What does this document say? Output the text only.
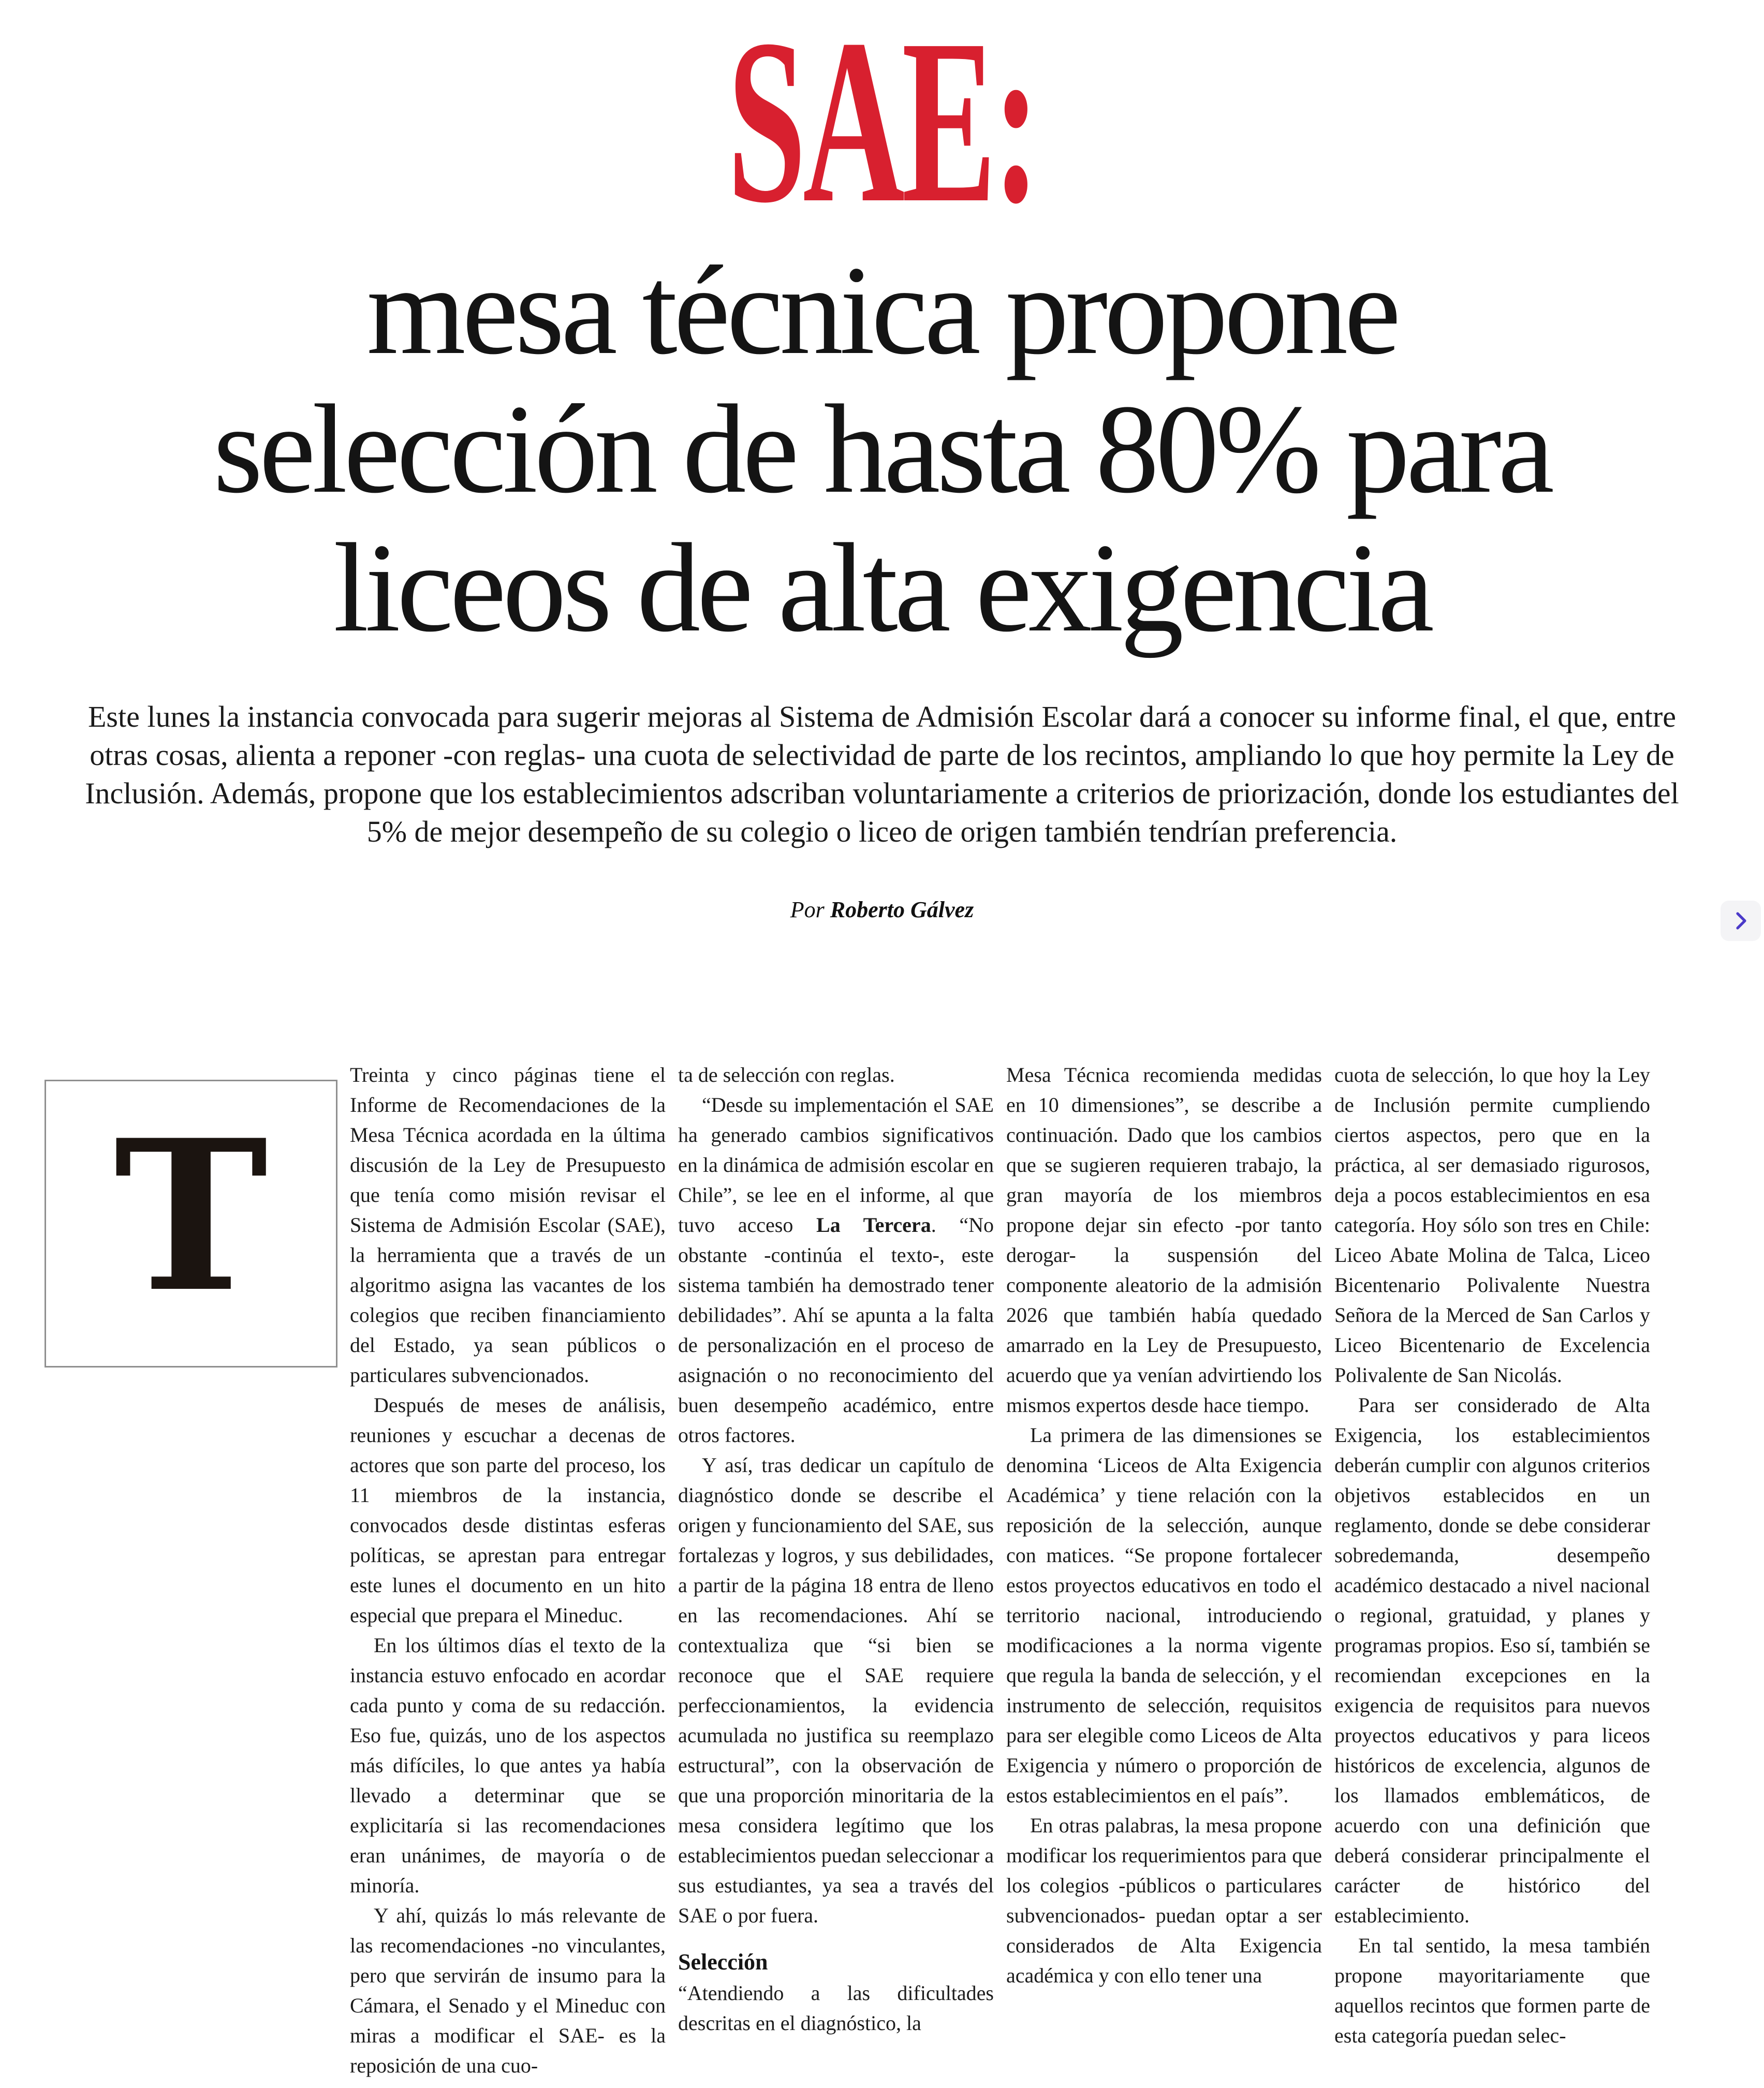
SAE:
mesa técnica propone
selección de hasta 80% para
liceos de alta exigencia

Este lunes la instancia convocada para sugerir mejoras al Sistema de Admisión Escolar dará a conocer su informe final, el que, entre otras cosas, alienta a reponer -con reglas- una cuota de selectividad de parte de los recintos, ampliando lo que hoy permite la Ley de Inclusión. Además, propone que los establecimientos adscriban voluntariamente a criterios de priorización, donde los estudiantes del 5% de mejor desempeño de su colegio o liceo de origen también tendrían preferencia.

Por Roberto Gálvez

T

Treinta y cinco páginas tiene el Informe de Recomendaciones de la Mesa Técnica acordada en la última discusión de la Ley de Presupuesto que tenía como misión revisar el Sistema de Admisión Escolar (SAE), la herramienta que a través de un algoritmo asigna las vacantes de los colegios que reciben financiamiento del Estado, ya sean públicos o particulares subvencionados.

Después de meses de análisis, reuniones y escuchar a decenas de actores que son parte del proceso, los 11 miembros de la instancia, convocados desde distintas esferas políticas, se aprestan para entregar este lunes el documento en un hito especial que prepara el Mineduc.

En los últimos días el texto de la instancia estuvo enfocado en acordar cada punto y coma de su redacción. Eso fue, quizás, uno de los aspectos más difíciles, lo que antes ya había llevado a determinar que se explicitaría si las recomendaciones eran unánimes, de mayoría o de minoría.

Y ahí, quizás lo más relevante de las recomendaciones -no vinculantes, pero que servirán de insumo para la Cámara, el Senado y el Mineduc con miras a modificar el SAE- es la reposición de una cuo-

ta de selección con reglas.

“Desde su implementación el SAE ha generado cambios significativos en la dinámica de admisión escolar en Chile”, se lee en el informe, al que tuvo acceso La Tercera. “No obstante -continúa el texto-, este sistema también ha demostrado tener debilidades”. Ahí se apunta a la falta de personalización en el proceso de asignación o no reconocimiento del buen desempeño académico, entre otros factores.

Y así, tras dedicar un capítulo de diagnóstico donde se describe el origen y funcionamiento del SAE, sus fortalezas y logros, y sus debilidades, a partir de la página 18 entra de lleno en las recomendaciones. Ahí se contextualiza que “si bien se reconoce que el SAE requiere perfeccionamientos, la evidencia acumulada no justifica su reemplazo estructural”, con la observación de que una proporción minoritaria de la mesa considera legítimo que los establecimientos puedan seleccionar a sus estudiantes, ya sea a través del SAE o por fuera.

Selección

“Atendiendo a las dificultades descritas en el diagnóstico, la

Mesa Técnica recomienda medidas en 10 dimensiones”, se describe a continuación. Dado que los cambios que se sugieren requieren trabajo, la gran mayoría de los miembros propone dejar sin efecto -por tanto derogar- la suspensión del componente aleatorio de la admisión 2026 que también había quedado amarrado en la Ley de Presupuesto, acuerdo que ya venían advirtiendo los mismos expertos desde hace tiempo.

La primera de las dimensiones se denomina ‘Liceos de Alta Exigencia Académica’ y tiene relación con la reposición de la selección, aunque con matices. “Se propone fortalecer estos proyectos educativos en todo el territorio nacional, introduciendo modificaciones a la norma vigente que regula la banda de selección, y el instrumento de selección, requisitos para ser elegible como Liceos de Alta Exigencia y número o proporción de estos establecimientos en el país”.

En otras palabras, la mesa propone modificar los requerimientos para que los colegios -públicos o particulares subvencionados- puedan optar a ser considerados de Alta Exigencia académica y con ello tener una

cuota de selección, lo que hoy la Ley de Inclusión permite cumpliendo ciertos aspectos, pero que en la práctica, al ser demasiado rigurosos, deja a pocos establecimientos en esa categoría. Hoy sólo son tres en Chile: Liceo Abate Molina de Talca, Liceo Bicentenario Polivalente Nuestra Señora de la Merced de San Carlos y Liceo Bicentenario de Excelencia Polivalente de San Nicolás.

Para ser considerado de Alta Exigencia, los establecimientos deberán cumplir con algunos criterios objetivos establecidos en un reglamento, donde se debe considerar sobredemanda, desempeño académico destacado a nivel nacional o regional, gratuidad, y planes y programas propios. Eso sí, también se recomiendan excepciones en la exigencia de requisitos para nuevos proyectos educativos y para liceos históricos de excelencia, algunos de los llamados emblemáticos, de acuerdo con una definición que deberá considerar principalmente el carácter de histórico del establecimiento.

En tal sentido, la mesa también propone mayoritariamente que aquellos recintos que formen parte de esta categoría puedan selec-
